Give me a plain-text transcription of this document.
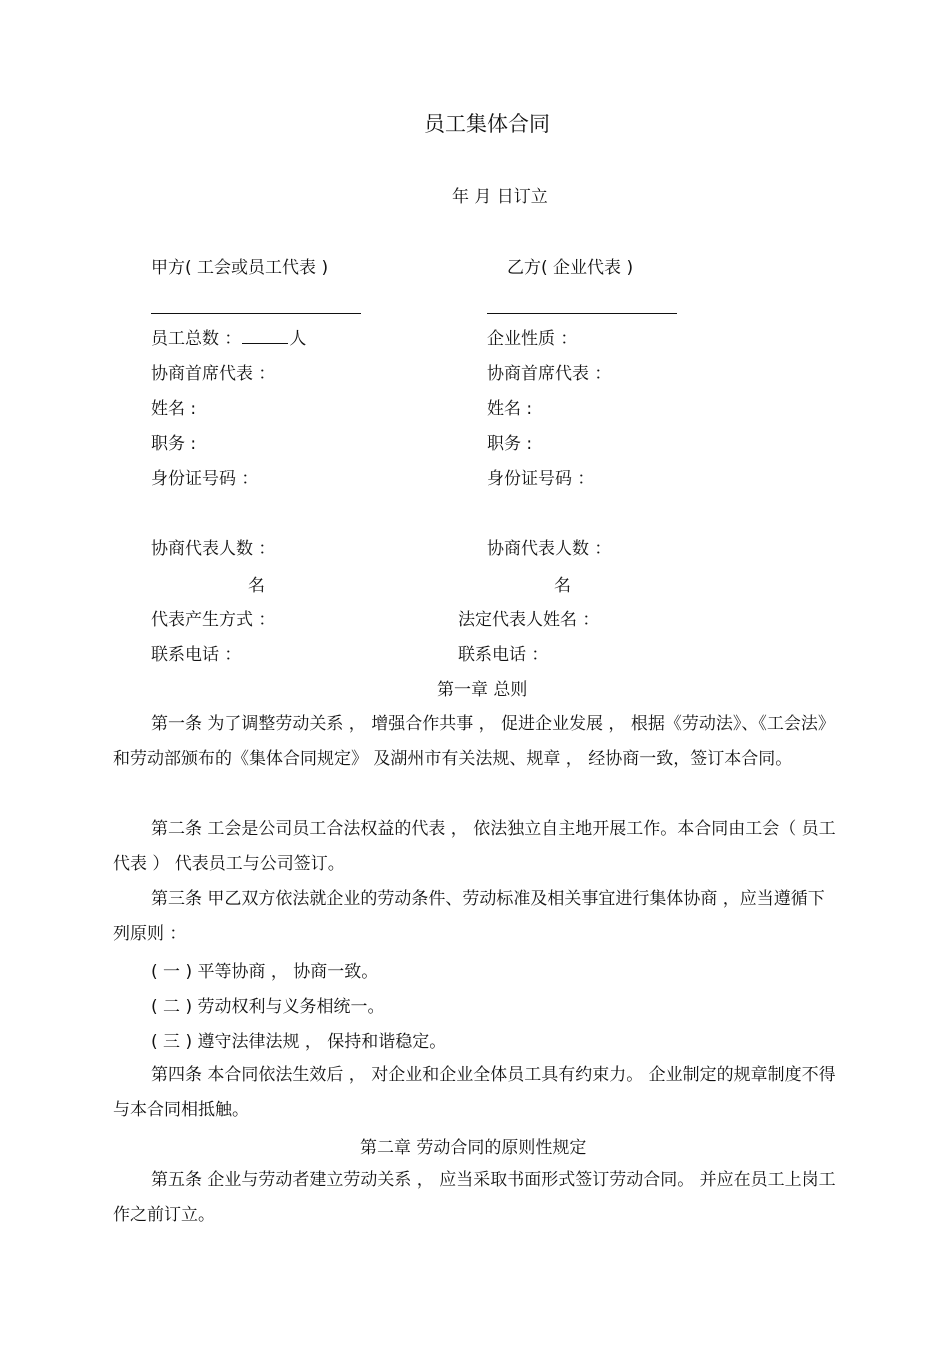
员工集体合同
年 月 日订立
甲方( 工会或员工代表 )
员工总数 ：	人
协商首席代表 ：
姓名 :
职务 :
身份证号码 ：
协商代表人数 ：
名
代表产生方式 ：
联系电话 ：
乙方( 企业代表 )
企业性质 ：
协商首席代表 ：
姓名 :
职务 :
身份证号码 ：
协商代表人数 ：
名
法定代表人姓名 ：
联系电话 ：
第一章 总则
第一条 为了调整劳动关系 ， 增强合作共事 ， 促进企业发展 ， 根据《劳动法》、《工会法》 和劳动部颁布的《集体合同规定》 及湖州市有关法规、规章 ， 经协商一致，签订本合同。
第二条 工会是公司员工合法权益的代表 ， 依法独立自主地开展工作。本合同由工会（ 员工代表 ） 代表员工与公司签订。
第三条 甲乙双方依法就企业的劳动条件、劳动标准及相关事宜进行集体协商 ，应当遵循下列原则 ：
( 一 ) 平等协商 ， 协商一致。
( 二 ) 劳动权利与义务相统一。
( 三 ) 遵守法律法规 ， 保持和谐稳定。
第四条 本合同依法生效后 ， 对企业和企业全体员工具有约束力。 企业制定的规章制度不得与本合同相抵触。
第二章 劳动合同的原则性规定
第五条 企业与劳动者建立劳动关系 ， 应当采取书面形式签订劳动合同。 并应在员工上岗工作之前订立。
